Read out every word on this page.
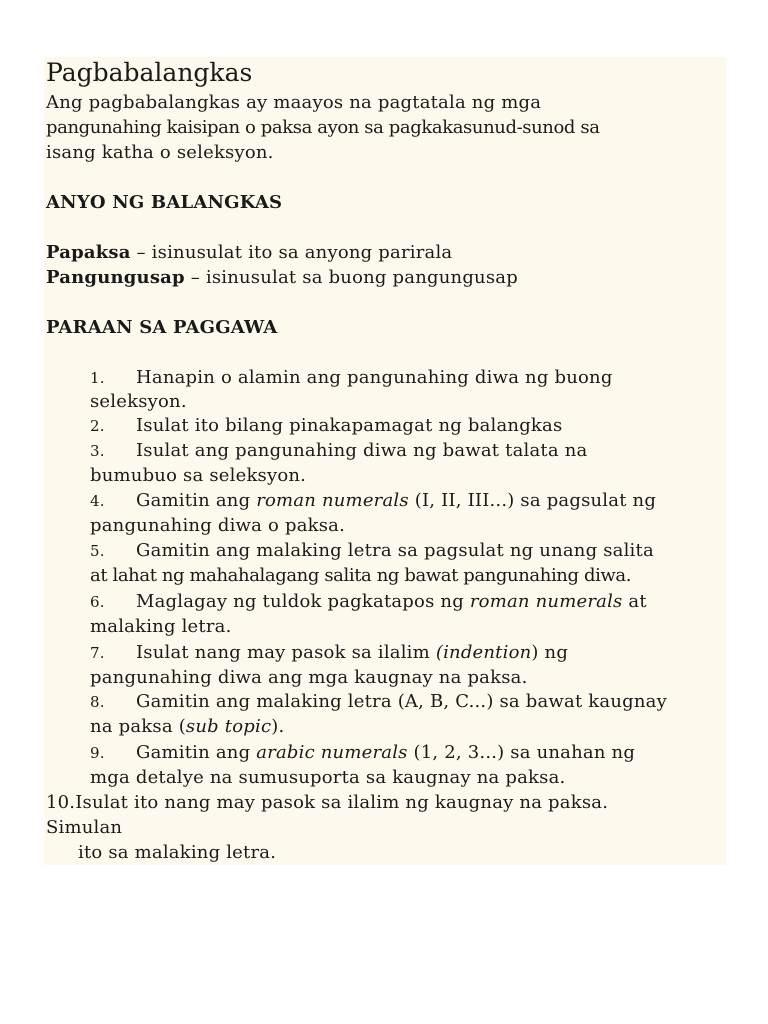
Pagbabalangkas

Ang pagbabalangkas ay maayos na pagtatala ng mga

pangunahing kaisipan o paksa ayon sa pagkakasunud-sunod sa

isang katha o seleksyon.

ANYO NG BALANGKAS

Papaksa – isinusulat ito sa anyong parirala

Pangungusap – isinusulat sa buong pangungusap

PARAAN SA PAGGAWA

1. Hanapin o alamin ang pangunahing diwa ng buong

seleksyon.

2. Isulat ito bilang pinakapamagat ng balangkas

3. Isulat ang pangunahing diwa ng bawat talata na

bumubuo sa seleksyon.

4. Gamitin ang roman numerals (I, II, III...) sa pagsulat ng

pangunahing diwa o paksa.

5. Gamitin ang malaking letra sa pagsulat ng unang salita

at lahat ng mahahalagang salita ng bawat pangunahing diwa.

6. Maglagay ng tuldok pagkatapos ng roman numerals at

malaking letra.

7. Isulat nang may pasok sa ilalim (indention) ng

pangunahing diwa ang mga kaugnay na paksa.

8. Gamitin ang malaking letra (A, B, C...) sa bawat kaugnay

na paksa (sub topic).

9. Gamitin ang arabic numerals (1, 2, 3...) sa unahan ng

mga detalye na sumusuporta sa kaugnay na paksa.

10.Isulat ito nang may pasok sa ilalim ng kaugnay na paksa.

Simulan

ito sa malaking letra.
